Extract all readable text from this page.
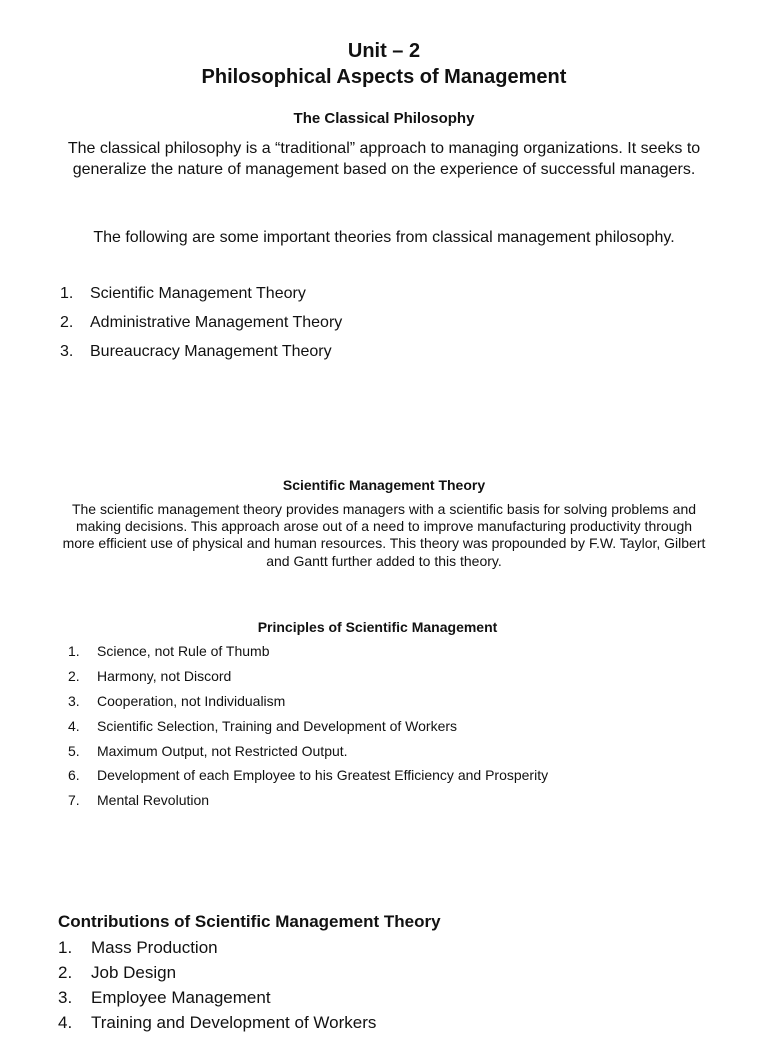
Unit – 2
Philosophical Aspects of Management
The Classical Philosophy
The classical philosophy is a “traditional” approach to managing organizations. It seeks to generalize the nature of management based on the experience of successful managers.
The following are some important theories from classical management philosophy.
1.	Scientific Management Theory
2.	Administrative Management Theory
3.	Bureaucracy Management Theory
Scientific Management Theory
The scientific management theory provides managers with a scientific basis for solving problems and making decisions. This approach arose out of a need to improve manufacturing productivity through more efficient use of physical and human resources. This theory was propounded by F.W. Taylor, Gilbert and Gantt further added to this theory.
Principles of Scientific Management
1.	Science, not Rule of Thumb
2.	Harmony, not Discord
3.	Cooperation, not Individualism
4.	Scientific Selection, Training and Development of Workers
5.	Maximum Output, not Restricted Output.
6.	Development of each Employee to his Greatest Efficiency and Prosperity
7.	Mental Revolution
Contributions of Scientific Management Theory
1.	Mass Production
2.	Job Design
3.	Employee Management
4.	Training and Development of Workers
